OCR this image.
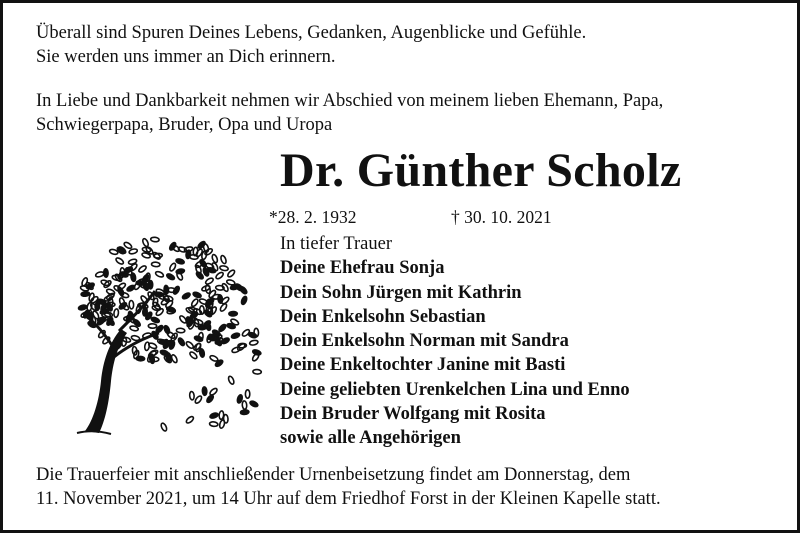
Überall sind Spuren Deines Lebens, Gedanken, Augenblicke und Gefühle.
Sie werden uns immer an Dich erinnern.

In Liebe und Dankbarkeit nehmen wir Abschied von meinem lieben Ehemann, Papa,
Schwiegerpapa, Bruder, Opa und Uropa

Dr. Günther Scholz
*28. 2. 1932	† 30. 10. 2021

In tiefer Trauer
Deine Ehefrau Sonja
Dein Sohn Jürgen mit Kathrin
Dein Enkelsohn Sebastian
Dein Enkelsohn Norman mit Sandra
Deine Enkeltochter Janine mit Basti
Deine geliebten Urenkelchen Lina und Enno
Dein Bruder Wolfgang mit Rosita
sowie alle Angehörigen

Die Trauerfeier mit anschließender Urnenbeisetzung findet am Donnerstag, dem
11. November 2021, um 14 Uhr auf dem Friedhof Forst in der Kleinen Kapelle statt.
